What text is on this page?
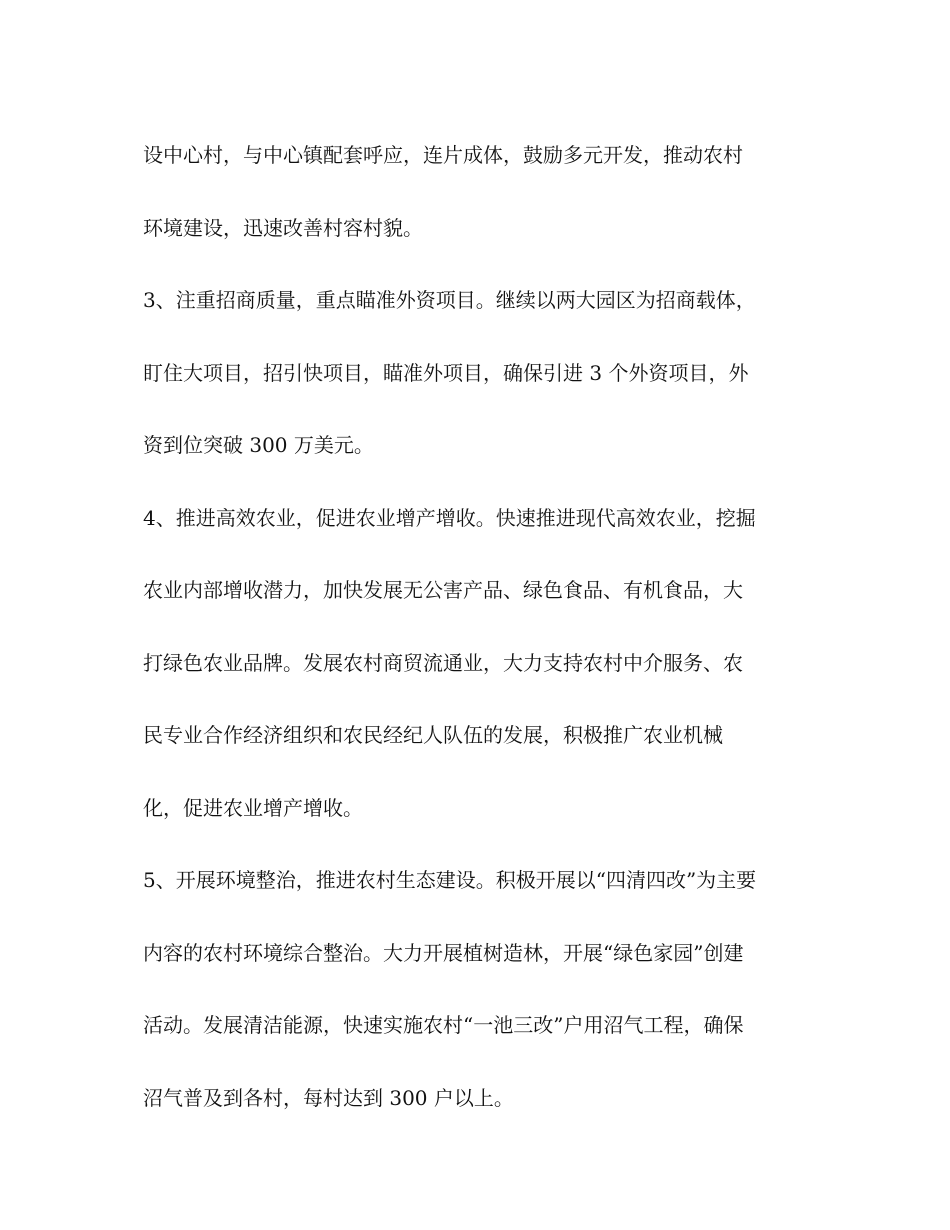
设中心村，与中心镇配套呼应，连片成体，鼓励多元开发，推动农村
环境建设，迅速改善村容村貌。
3、注重招商质量，重点瞄准外资项目。继续以两大园区为招商载体，
盯住大项目，招引快项目，瞄准外项目，确保引进 3 个外资项目，外
资到位突破 300 万美元。
4、推进高效农业，促进农业增产增收。快速推进现代高效农业，挖掘
农业内部增收潜力，加快发展无公害产品、绿色食品、有机食品，大
打绿色农业品牌。发展农村商贸流通业，大力支持农村中介服务、农
民专业合作经济组织和农民经纪人队伍的发展，积极推广农业机械
化，促进农业增产增收。
5、开展环境整治，推进农村生态建设。积极开展以“四清四改”为主要
内容的农村环境综合整治。大力开展植树造林，开展“绿色家园”创建
活动。发展清洁能源，快速实施农村“一池三改”户用沼气工程，确保
沼气普及到各村，每村达到 300 户以上。
